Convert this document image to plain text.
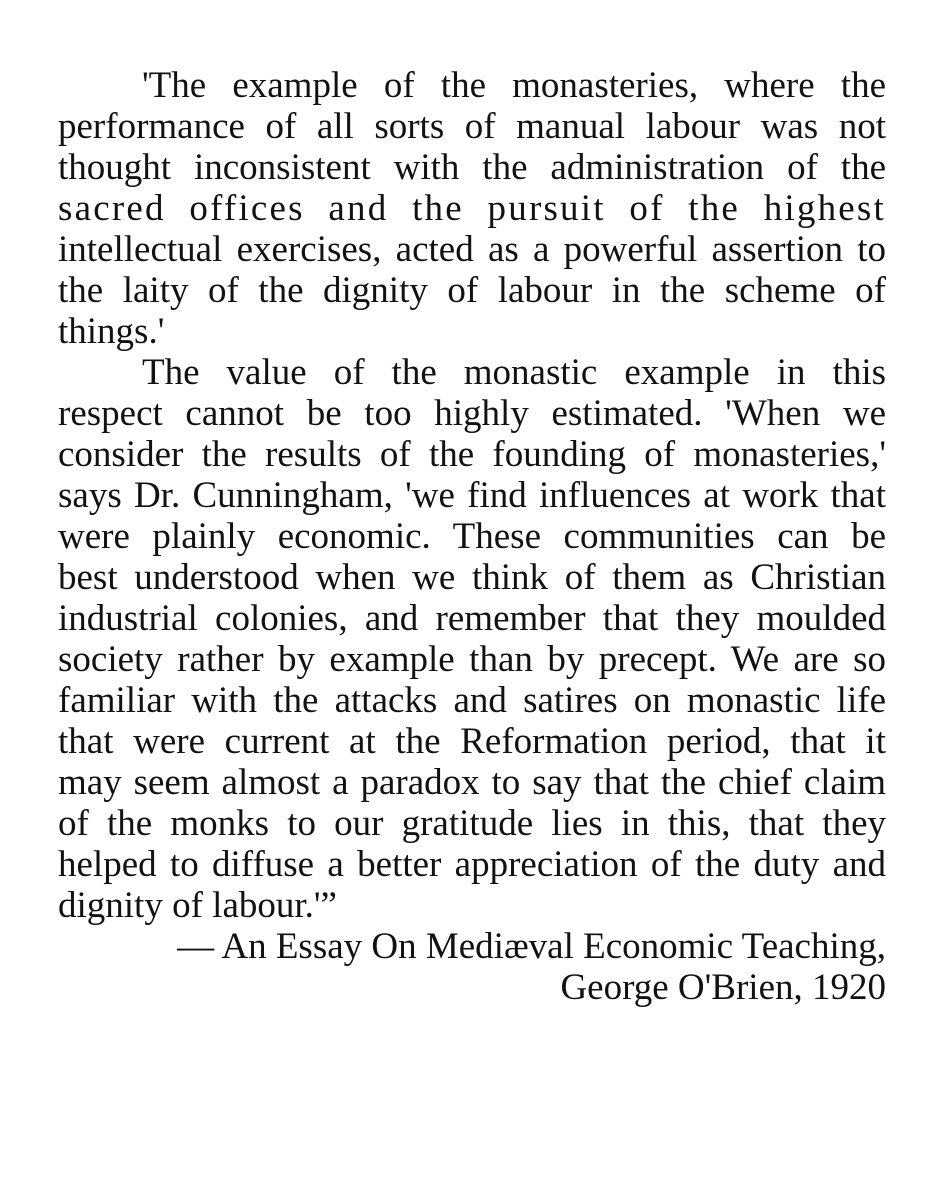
'The example of the monasteries, where the
performance of all sorts of manual labour was not
thought inconsistent with the administration of the
sacred offices and the pursuit of the highest
intellectual exercises, acted as a powerful assertion to
the laity of the dignity of labour in the scheme of
things.'
The value of the monastic example in this
respect cannot be too highly estimated. 'When we
consider the results of the founding of monasteries,'
says Dr. Cunningham, 'we find influences at work that
were plainly economic. These communities can be
best understood when we think of them as Christian
industrial colonies, and remember that they moulded
society rather by example than by precept. We are so
familiar with the attacks and satires on monastic life
that were current at the Reformation period, that it
may seem almost a paradox to say that the chief claim
of the monks to our gratitude lies in this, that they
helped to diffuse a better appreciation of the duty and
dignity of labour.'”
— An Essay On Mediæval Economic Teaching,
George O'Brien, 1920
